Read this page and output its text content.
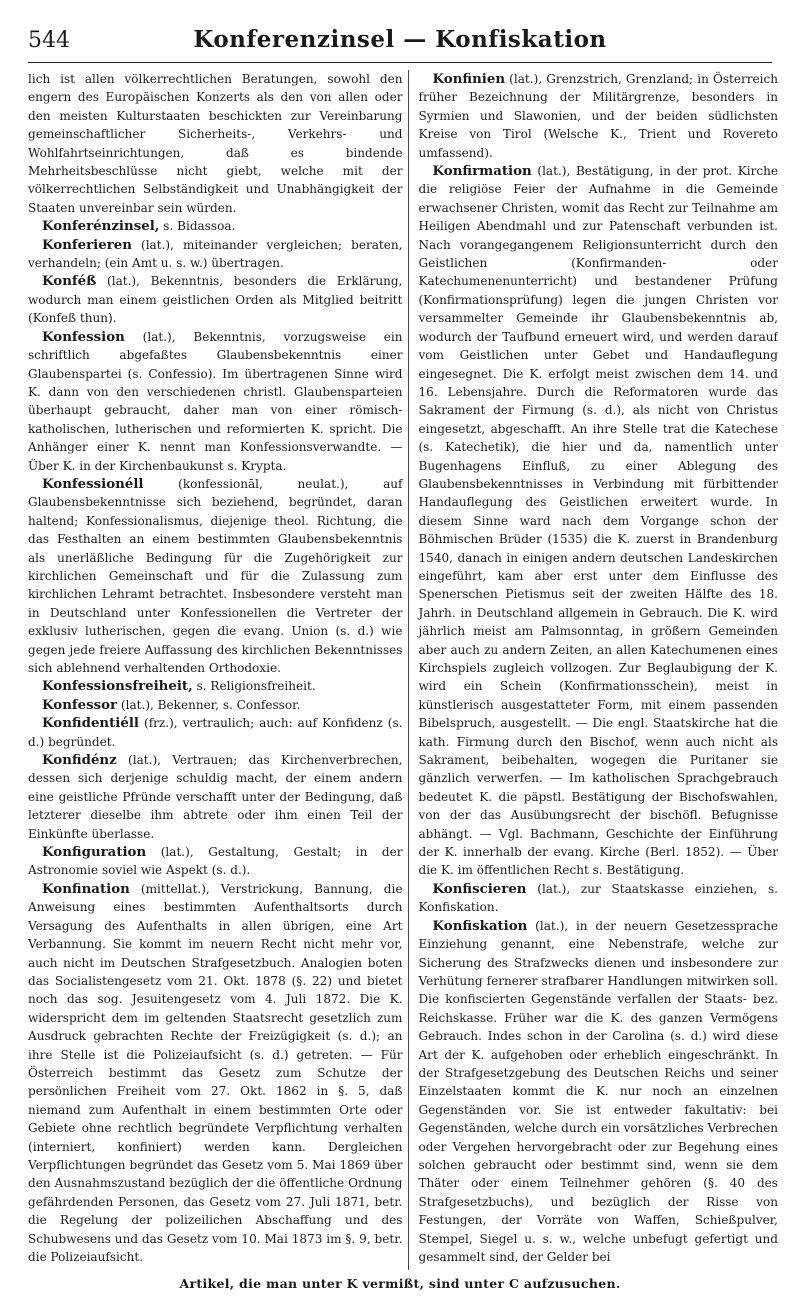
544	Konferenzinsel — Konfiskation

lich ist allen völkerrechtlichen Beratungen, sowohl den engern des Europäischen Konzerts als den von allen oder den meisten Kulturstaaten beschickten zur Vereinbarung gemeinschaftlicher Sicherheits-, Verkehrs- und Wohlfahrtseinrichtungen, daß es bindende Mehrheitsbeschlüsse nicht giebt, welche mit der völkerrechtlichen Selbständigkeit und Unabhängigkeit der Staaten unvereinbar sein würden.

Konferénzinsel, s. Bidassoa.

Konferieren (lat.), miteinander vergleichen; beraten, verhandeln; (ein Amt u. s. w.) übertragen.

Konféß (lat.), Bekenntnis, besonders die Erklärung, wodurch man einem geistlichen Orden als Mitglied beitritt (Konfeß thun).

Konfession (lat.), Bekenntnis, vorzugsweise ein schriftlich abgefaßtes Glaubensbekenntnis einer Glaubenspartei (s. Confessio). Im übertragenen Sinne wird K. dann von den verschiedenen christl. Glaubensparteien überhaupt gebraucht, daher man von einer römisch-katholischen, lutherischen und reformierten K. spricht. Die Anhänger einer K. nennt man Konfessionsverwandte. — Über K. in der Kirchenbaukunst s. Krypta.

Konfessionéll (konfessionāl, neulat.), auf Glaubensbekenntnisse sich beziehend, begründet, daran haltend; Konfessionalismus, diejenige theol. Richtung, die das Festhalten an einem bestimmten Glaubensbekenntnis als unerläßliche Bedingung für die Zugehörigkeit zur kirchlichen Gemeinschaft und für die Zulassung zum kirchlichen Lehramt betrachtet. Insbesondere versteht man in Deutschland unter Konfessionellen die Vertreter der exklusiv lutherischen, gegen die evang. Union (s. d.) wie gegen jede freiere Auffassung des kirchlichen Bekenntnisses sich ablehnend verhaltenden Orthodoxie.

Konfessionsfreiheit, s. Religionsfreiheit.

Konfessor (lat.), Bekenner, s. Confessor.

Konfidentiéll (frz.), vertraulich; auch: auf Konfidenz (s. d.) begründet.

Konfidénz (lat.), Vertrauen; das Kirchenverbrechen, dessen sich derjenige schuldig macht, der einem andern eine geistliche Pfründe verschafft unter der Bedingung, daß letzterer dieselbe ihm abtrete oder ihm einen Teil der Einkünfte überlasse.

Konfiguration (lat.), Gestaltung, Gestalt; in der Astronomie soviel wie Aspekt (s. d.).

Konfination (mittellat.), Verstrickung, Bannung, die Anweisung eines bestimmten Aufenthaltsorts durch Versagung des Aufenthalts in allen übrigen, eine Art Verbannung. Sie kommt im neuern Recht nicht mehr vor, auch nicht im Deutschen Strafgesetzbuch. Analogien boten das Socialistengesetz vom 21. Okt. 1878 (§. 22) und bietet noch das sog. Jesuitengesetz vom 4. Juli 1872. Die K. widerspricht dem im geltenden Staatsrecht gesetzlich zum Ausdruck gebrachten Rechte der Freizügigkeit (s. d.); an ihre Stelle ist die Polizeiaufsicht (s. d.) getreten. — Für Österreich bestimmt das Gesetz zum Schutze der persönlichen Freiheit vom 27. Okt. 1862 in §. 5, daß niemand zum Aufenthalt in einem bestimmten Orte oder Gebiete ohne rechtlich begründete Verpflichtung verhalten (interniert, konfiniert) werden kann. Dergleichen Verpflichtungen begründet das Gesetz vom 5. Mai 1869 über den Ausnahmszustand bezüglich der die öffentliche Ordnung gefährdenden Personen, das Gesetz vom 27. Juli 1871, betr. die Regelung der polizeilichen Abschaffung und des Schubwesens und das Gesetz vom 10. Mai 1873 im §. 9, betr. die Polizeiaufsicht.

Konfinien (lat.), Grenzstrich, Grenzland; in Österreich früher Bezeichnung der Militärgrenze, besonders in Syrmien und Slawonien, und der beiden südlichsten Kreise von Tirol (Welsche K., Trient und Rovereto umfassend).

Konfirmation (lat.), Bestätigung, in der prot. Kirche die religiöse Feier der Aufnahme in die Gemeinde erwachsener Christen, womit das Recht zur Teilnahme am Heiligen Abendmahl und zur Patenschaft verbunden ist. Nach vorangegangenem Religionsunterricht durch den Geistlichen (Konfirmanden- oder Katechumenenunterricht) und bestandener Prüfung (Konfirmationsprüfung) legen die jungen Christen vor versammelter Gemeinde ihr Glaubensbekenntnis ab, wodurch der Taufbund erneuert wird, und werden darauf vom Geistlichen unter Gebet und Handauflegung eingesegnet. Die K. erfolgt meist zwischen dem 14. und 16. Lebensjahre. Durch die Reformatoren wurde das Sakrament der Firmung (s. d.), als nicht von Christus eingesetzt, abgeschafft. An ihre Stelle trat die Katechese (s. Katechetik), die hier und da, namentlich unter Bugenhagens Einfluß, zu einer Ablegung des Glaubensbekenntnisses in Verbindung mit fürbittender Handauflegung des Geistlichen erweitert wurde. In diesem Sinne ward nach dem Vorgange schon der Böhmischen Brüder (1535) die K. zuerst in Brandenburg 1540, danach in einigen andern deutschen Landeskirchen eingeführt, kam aber erst unter dem Einflusse des Spenerschen Pietismus seit der zweiten Hälfte des 18. Jahrh. in Deutschland allgemein in Gebrauch. Die K. wird jährlich meist am Palmsonntag, in größern Gemeinden aber auch zu andern Zeiten, an allen Katechumenen eines Kirchspiels zugleich vollzogen. Zur Beglaubigung der K. wird ein Schein (Konfirmationsschein), meist in künstlerisch ausgestatteter Form, mit einem passenden Bibelspruch, ausgestellt. — Die engl. Staatskirche hat die kath. Firmung durch den Bischof, wenn auch nicht als Sakrament, beibehalten, wogegen die Puritaner sie gänzlich verwerfen. — Im katholischen Sprachgebrauch bedeutet K. die päpstl. Bestätigung der Bischofswahlen, von der das Ausübungsrecht der bischöfl. Befugnisse abhängt. — Vgl. Bachmann, Geschichte der Einführung der K. innerhalb der evang. Kirche (Berl. 1852). — Über die K. im öffentlichen Recht s. Bestätigung.

Konfiscieren (lat.), zur Staatskasse einziehen, s. Konfiskation.

Konfiskation (lat.), in der neuern Gesetzessprache Einziehung genannt, eine Nebenstrafe, welche zur Sicherung des Strafzwecks dienen und insbesondere zur Verhütung fernerer strafbarer Handlungen mitwirken soll. Die konfiscierten Gegenstände verfallen der Staats- bez. Reichskasse. Früher war die K. des ganzen Vermögens Gebrauch. Indes schon in der Carolina (s. d.) wird diese Art der K. aufgehoben oder erheblich eingeschränkt. In der Strafgesetzgebung des Deutschen Reichs und seiner Einzelstaaten kommt die K. nur noch an einzelnen Gegenständen vor. Sie ist entweder fakultativ: bei Gegenständen, welche durch ein vorsätzliches Verbrechen oder Vergehen hervorgebracht oder zur Begehung eines solchen gebraucht oder bestimmt sind, wenn sie dem Thäter oder einem Teilnehmer gehören (§. 40 des Strafgesetzbuchs), und bezüglich der Risse von Festungen, der Vorräte von Waffen, Schießpulver, Stempel, Siegel u. s. w., welche unbefugt gefertigt und gesammelt sind, der Gelder bei

Artikel, die man unter K vermißt, sind unter C aufzusuchen.
